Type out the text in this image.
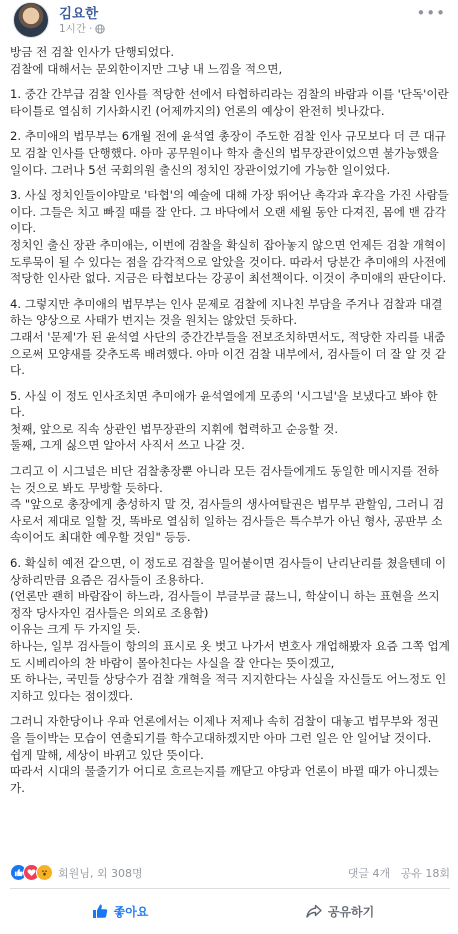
김요한
1시간 ·
•••

방금 전 검찰 인사가 단행되었다.
검찰에 대해서는 문외한이지만 그냥 내 느낌을 적으면,

1. 중간 간부급 검찰 인사를 적당한 선에서 타협하리라는 검찰의 바람과 이를 '단독'이란 타이틀로 열심히 기사화시킨 (어제까지의) 언론의 예상이 완전히 빗나갔다.

2. 추미애의 법무부는 6개월 전에 윤석열 총장이 주도한 검찰 인사 규모보다 더 큰 대규모 검찰 인사를 단행했다. 아마 공무원이나 학자 출신의 법무장관이었으면 불가능했을 일이다. 그러나 5선 국회의원 출신의 정치인 장관이었기에 가능한 일이었다.

3. 사실 정치인들이야말로 '타협'의 예술에 대해 가장 뛰어난 촉각과 후각을 가진 사람들이다. 그들은 치고 빠질 때를 잘 안다. 그 바닥에서 오랜 세월 동안 다져진, 몸에 밴 감각이다.
정치인 출신 장관 추미애는, 이번에 검찰을 확실히 잡아놓지 않으면 언제든 검찰 개혁이 도루묵이 될 수 있다는 점을 감각적으로 알았을 것이다. 따라서 당분간 추미애의 사전에 적당한 인사란 없다. 지금은 타협보다는 강공이 최선책이다. 이것이 추미애의 판단이다.

4. 그렇지만 추미애의 법무부는 인사 문제로 검찰에 지나친 부담을 주거나 검찰과 대결하는 양상으로 사태가 번지는 것을 원치는 않았던 듯하다.
그래서 '문제'가 된 윤석열 사단의 중간간부들을 전보조치하면서도, 적당한 자리를 내줌으로써 모양새를 갖추도록 배려했다. 아마 이건 검찰 내부에서, 검사들이 더 잘 알 것 같다.

5. 사실 이 정도 인사조치면 추미애가 윤석열에게 모종의 '시그널'을 보냈다고 봐야 한다.
첫째, 앞으로 직속 상관인 법무장관의 지휘에 협력하고 순응할 것.
둘째, 그게 싫으면 알아서 사직서 쓰고 나갈 것.

그리고 이 시그널은 비단 검찰총장뿐 아니라 모든 검사들에게도 동일한 메시지를 전하는 것으로 봐도 무방할 듯하다.
즉 "앞으로 총장에게 충성하지 말 것, 검사들의 생사여탈권은 법무부 관할임, 그러니 검사로서 제대로 일할 것, 똑바로 열심히 일하는 검사들은 특수부가 아닌 형사, 공판부 소속이어도 최대한 예우할 것임" 등등.

6. 확실히 예전 같으면, 이 정도로 검찰을 밀어붙이면 검사들이 난리난리를 쳤을텐데 이상하리만큼 요즘은 검사들이 조용하다.
(언론만 괜히 바람잡이 하느라, 검사들이 부글부글 끓느니, 학살이니 하는 표현을 쓰지 정작 당사자인 검사들은 의외로 조용함)
이유는 크게 두 가지일 듯.
하나는, 일부 검사들이 항의의 표시로 옷 벗고 나가서 변호사 개업해봤자 요즘 그쪽 업계도 시베리아의 찬 바람이 몰아친다는 사실을 잘 안다는 뜻이겠고,
또 하나는, 국민들 상당수가 검찰 개혁을 적극 지지한다는 사실을 자신들도 어느정도 인지하고 있다는 점이겠다.

그러니 자한당이나 우파 언론에서는 이제나 저제나 속히 검찰이 대놓고 법무부와 정권을 들이박는 모습이 연출되기를 학수고대하겠지만 아마 그런 일은 안 일어날 것이다.
쉽게 말해, 세상이 바뀌고 있단 뜻이다.
따라서 시대의 물줄기가 어디로 흐르는지를 깨닫고 야당과 언론이 바뀔 때가 아니겠는가.

회원님, 외 308명	댓글 4개 공유 18회
좋아요	공유하기
